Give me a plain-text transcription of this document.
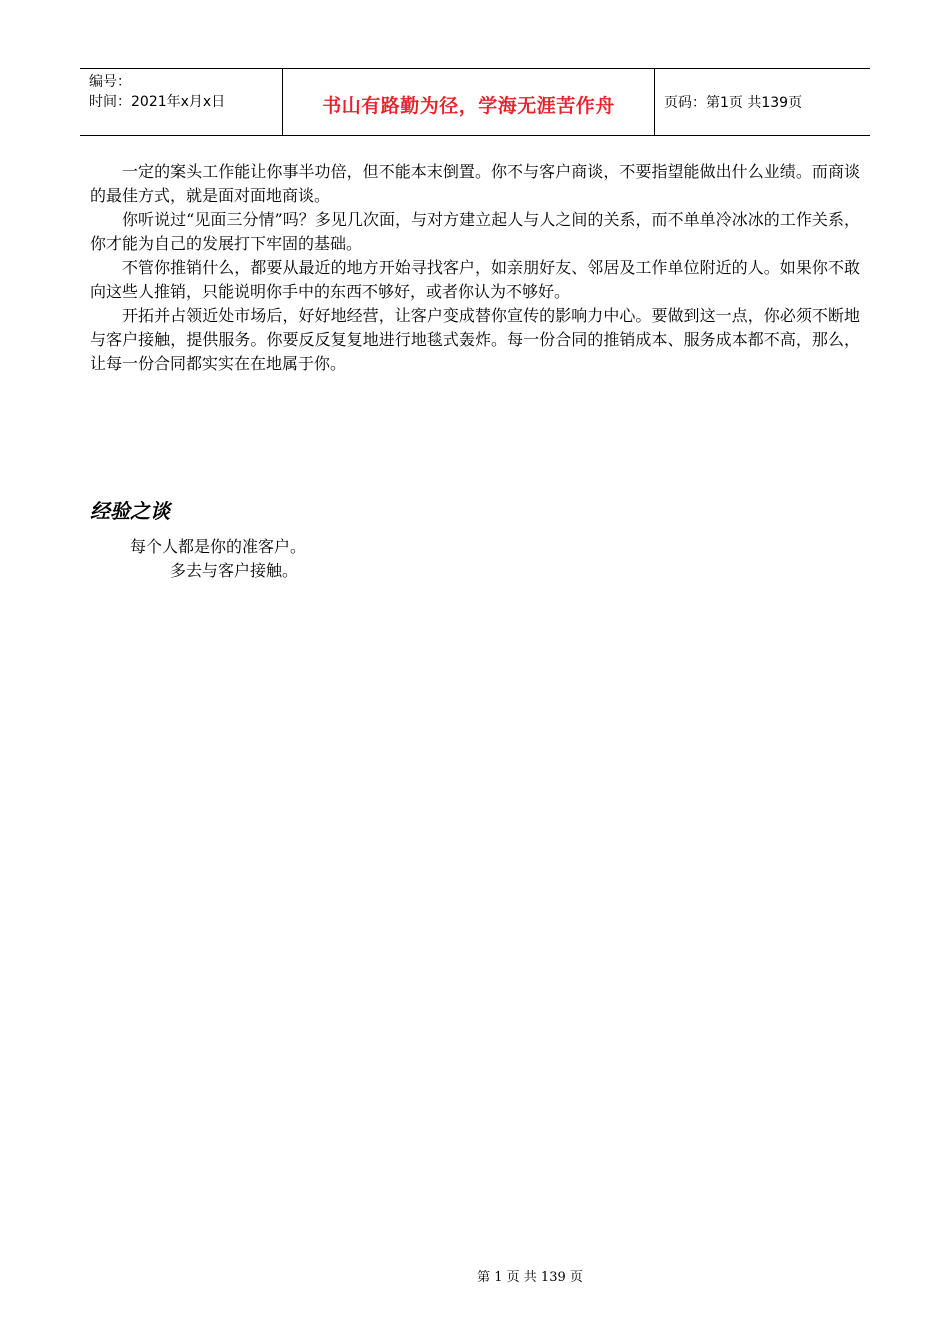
编号：
时间：2021年x月x日	书山有路勤为径，学海无涯苦作舟	页码：第1页 共139页

一定的案头工作能让你事半功倍，但不能本末倒置。你不与客户商谈，不要指望能做出什么业绩。而商谈的最佳方式，就是面对面地商谈。

你听说过“见面三分情”吗？多见几次面，与对方建立起人与人之间的关系，而不单单冷冰冰的工作关系，你才能为自己的发展打下牢固的基础。

不管你推销什么，都要从最近的地方开始寻找客户，如亲朋好友、邻居及工作单位附近的人。如果你不敢向这些人推销，只能说明你手中的东西不够好，或者你认为不够好。

开拓并占领近处市场后，好好地经营，让客户变成替你宣传的影响力中心。要做到这一点，你必须不断地与客户接触，提供服务。你要反反复复地进行地毯式轰炸。每一份合同的推销成本、服务成本都不高，那么，让每一份合同都实实在在地属于你。

经验之谈
每个人都是你的准客户。
多去与客户接触。
第 1 页 共 139 页
